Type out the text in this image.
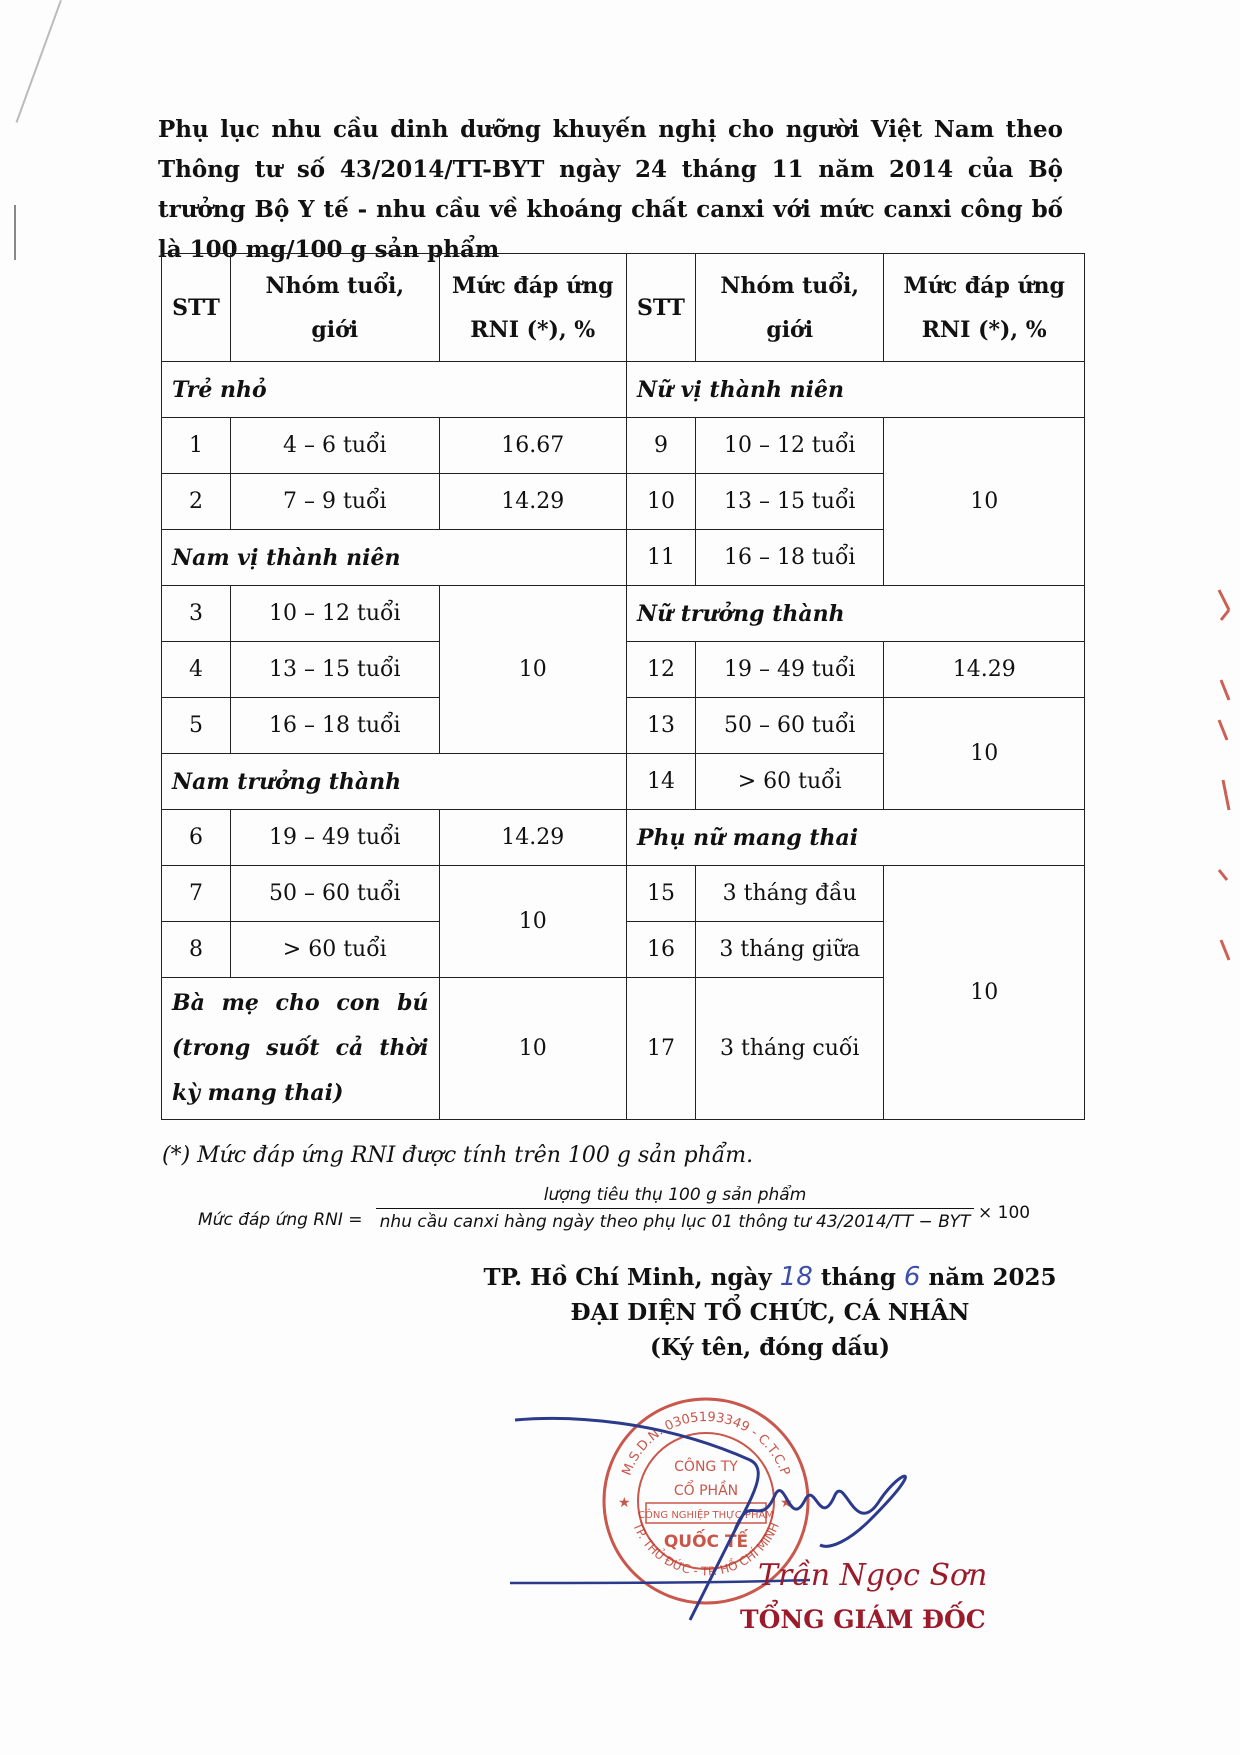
Phụ lục nhu cầu dinh dưỡng khuyến nghị cho người Việt Nam theo Thông tư số 43/2014/TT-BYT ngày 24 tháng 11 năm 2014 của Bộ trưởng Bộ Y tế - nhu cầu về khoáng chất canxi với mức canxi công bố là 100 mg/100 g sản phẩm
STT	Nhóm tuổi, giới	Mức đáp ứng RNI (*), %	STT	Nhóm tuổi, giới	Mức đáp ứng RNI (*), %
Trẻ nhỏ			Nữ vị thành niên		
1	4 – 6 tuổi	16.67	9	10 – 12 tuổi	10
2	7 – 9 tuổi	14.29	10	13 – 15 tuổi	
Nam vị thành niên			11	16 – 18 tuổi	
3	10 – 12 tuổi	10	Nữ trưởng thành		
4	13 – 15 tuổi		12	19 – 49 tuổi	14.29
5	16 – 18 tuổi		13	50 – 60 tuổi	10
Nam trưởng thành			14	> 60 tuổi	
6	19 – 49 tuổi	14.29	Phụ nữ mang thai		
7	50 – 60 tuổi	10	15	3 tháng đầu	10
8	> 60 tuổi		16	3 tháng giữa	
Bà mẹ cho con bú (trong suốt cả thời kỳ mang thai)		10	17	3 tháng cuối	
(*) Mức đáp ứng RNI được tính trên 100 g sản phẩm.
Mức đáp ứng RNI =
lượng tiêu thụ 100 g sản phẩm
nhu cầu canxi hàng ngày theo phụ lục 01 thông tư 43/2014/TT − BYT × 100
TP. Hồ Chí Minh, ngày 18 tháng 6 năm 2025
ĐẠI DIỆN TỔ CHỨC, CÁ NHÂN
(Ký tên, đóng dấu)
M.S.D.N: 0305193349 - C.T.C.P
TP. THỦ ĐỨC - TP. HỒ CHÍ MINH
CÔNG TY
CỔ PHẦN
CÔNG NGHIỆP THỰC PHẨM
QUỐC TẾ
★	★
Trần Ngọc Sơn
TỔNG GIÁM ĐỐC
